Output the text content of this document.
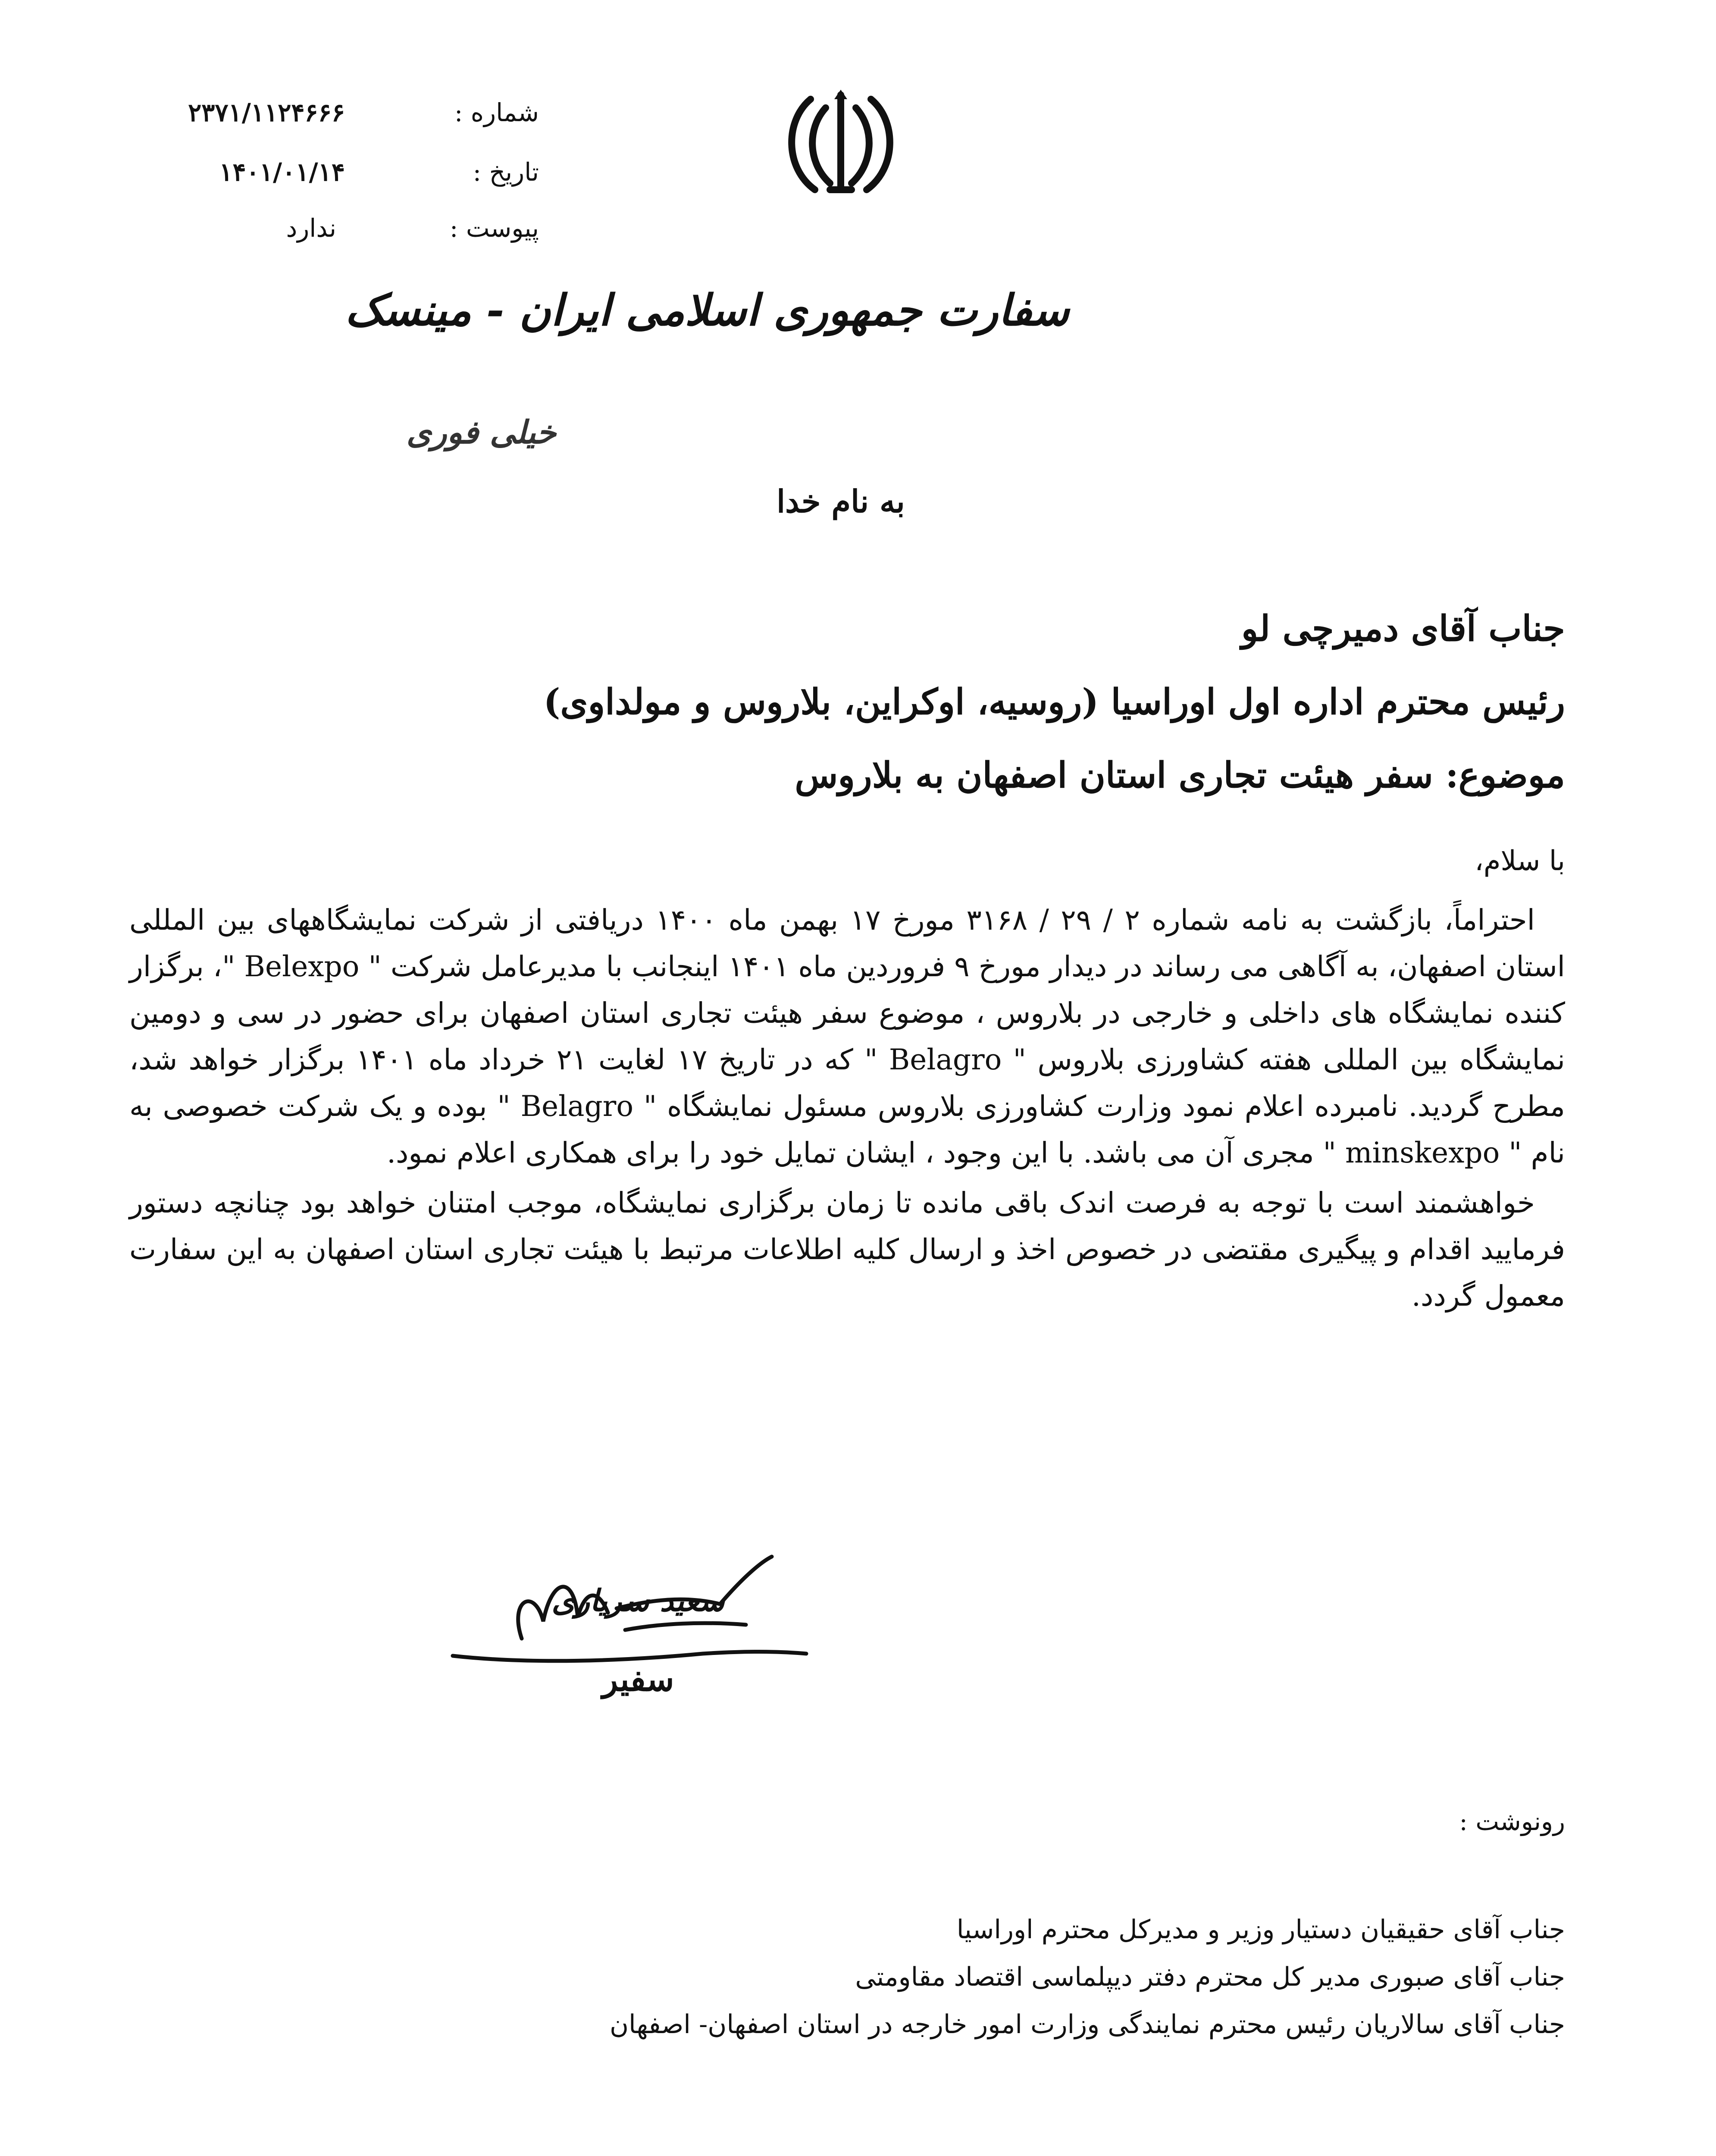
شماره :
تاریخ :
پیوست :
۲۳۷۱/۱۱۲۴۶۶۶
۱۴۰۱/۰۱/۱۴
ندارد
سفارت جمهوری اسلامی ایران - مینسک
خیلی فوری
به نام خدا
جناب آقای دمیرچی لو
رئیس محترم اداره اول اوراسیا (روسیه، اوکراین، بلاروس و مولداوی)
موضوع: سفر هیئت تجاری استان اصفهان به بلاروس
با سلام،

احتراماً، بازگشت به نامه شماره ۲ / ۲۹ / ۳۱۶۸ مورخ ۱۷ بهمن ماه ۱۴۰۰ دریافتی از شرکت نمایشگاههای بین المللی استان اصفهان، به آگاهی می رساند در دیدار مورخ ۹ فروردین ماه ۱۴۰۱ اینجانب با مدیرعامل شرکت " Belexpo "، برگزار کننده نمایشگاه های داخلی و خارجی در بلاروس ، موضوع سفر هیئت تجاری استان اصفهان برای حضور در سی و دومین نمایشگاه بین المللی هفته کشاورزی بلاروس " Belagro " که در تاریخ ۱۷ لغایت ۲۱ خرداد ماه ۱۴۰۱ برگزار خواهد شد، مطرح گردید. نامبرده اعلام نمود وزارت کشاورزی بلاروس مسئول نمایشگاه " Belagro " بوده و یک شرکت خصوصی به نام " minskexpo " مجری آن می باشد. با این وجود ، ایشان تمایل خود را برای همکاری اعلام نمود.

خواهشمند است با توجه به فرصت اندک باقی مانده تا زمان برگزاری نمایشگاه، موجب امتنان خواهد بود چنانچه دستور فرمایید اقدام و پیگیری مقتضی در خصوص اخذ و ارسال کلیه اطلاعات مرتبط با هیئت تجاری استان اصفهان به این سفارت معمول گردد.

سعید سریاری
سفیر
رونوشت :
جناب آقای حقیقیان دستیار وزیر و مدیرکل محترم اوراسیا
جناب آقای صبوری مدیر کل محترم دفتر دیپلماسی اقتصاد مقاومتی
جناب آقای سالاریان رئیس محترم نمایندگی وزارت امور خارجه در استان اصفهان- اصفهان
